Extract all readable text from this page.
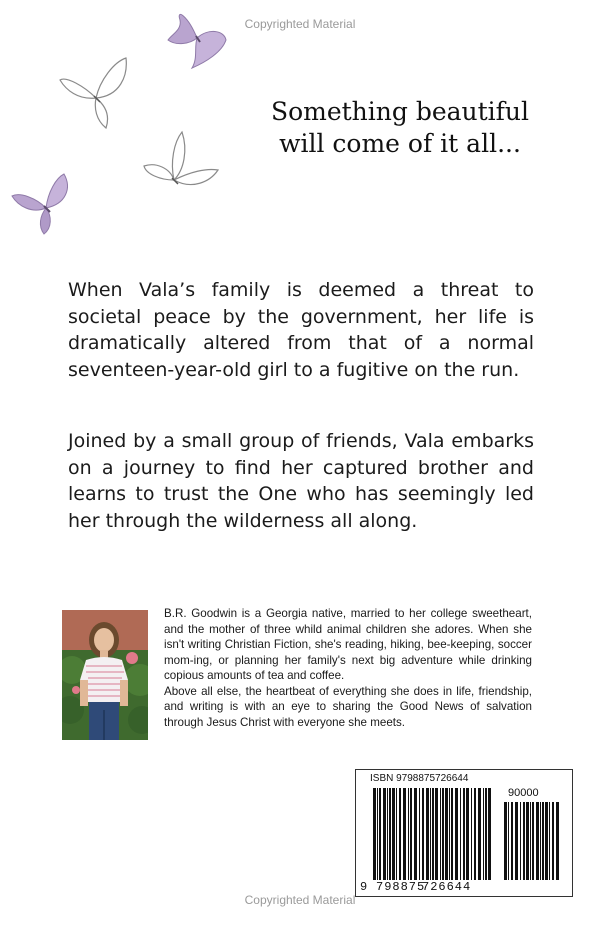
Copyrighted Material
Something beautiful
will come of it all...
When Vala’s family is deemed a threat to societal peace by the government, her life is dramatically altered from that of a normal seventeen-year-old girl to a fugitive on the run.
Joined by a small group of friends, Vala embarks on a journey to find her captured brother and learns to trust the One who has seemingly led her through the wilderness all along.

B.R. Goodwin is a Georgia native, married to her college sweetheart, and the mother of three whild animal children she adores. When she isn't writing Christian Fiction, she's reading, hiking, bee-keeping, soccer mom-ing, or planning her family's next big adventure while drinking copious amounts of tea and coffee.

Above all else, the heartbeat of everything she does in life, friendship, and writing is with an eye to sharing the Good News of salvation through Jesus Christ with everyone she meets.

ISBN 9798875726644
90000
9 798875
726644
Copyrighted Material
